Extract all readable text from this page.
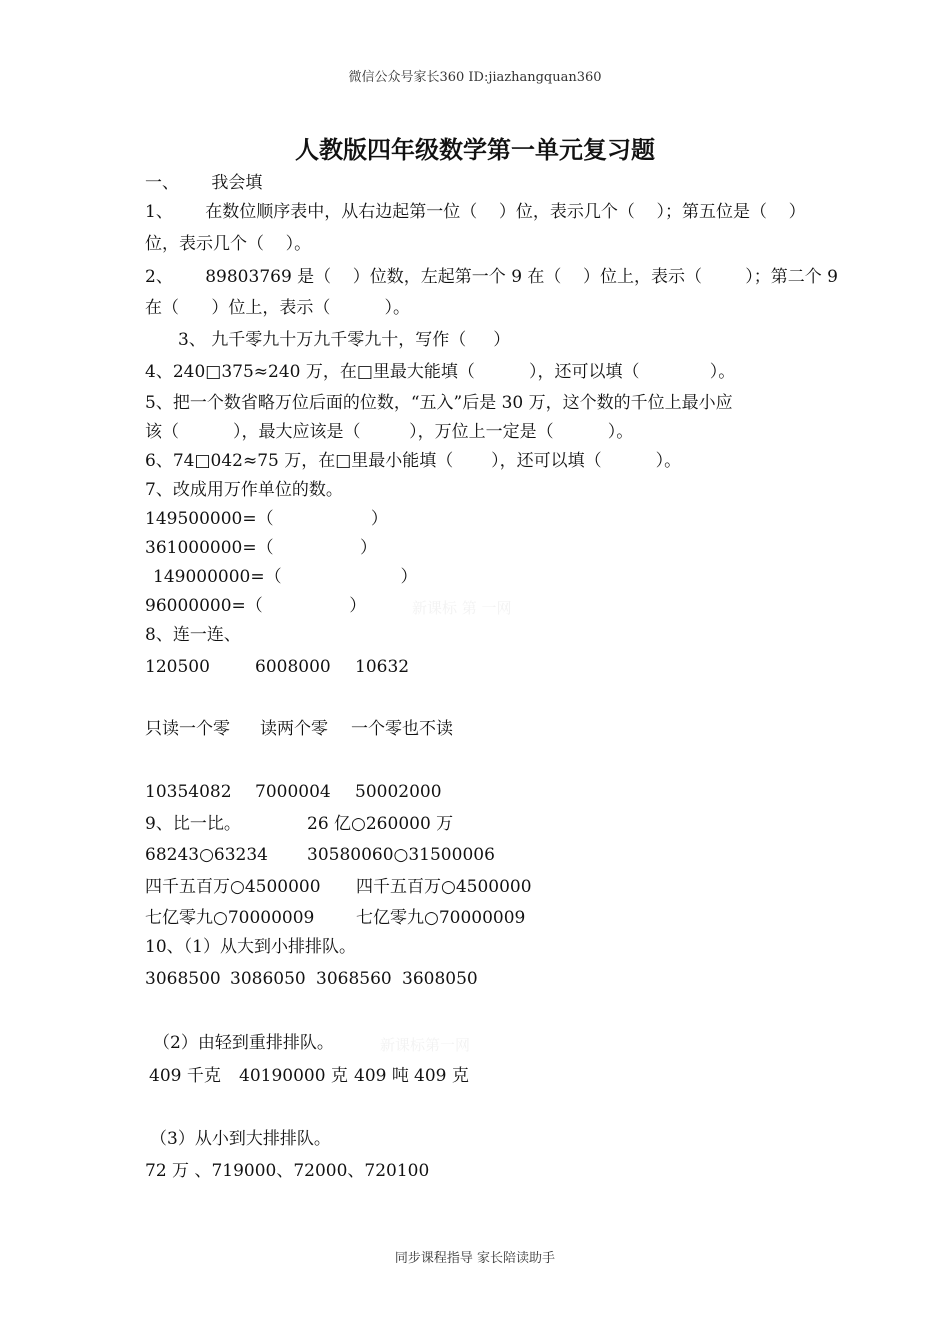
微信公众号家长360 ID:jiazhangquan360
人教版四年级数学第一单元复习题
一、      我会填
1、      在数位顺序表中，从右边起第一位（    ）位，表示几个（    ）；第五位是（    ）
位，表示几个（    ）。
2、      89803769 是（    ）位数，左起第一个 9 在（    ）位上，表示（        ）；第二个 9
在（      ）位上，表示（          ）。
3、 九千零九十万九千零九十，写作（     ）
4、240□375≈240 万，在□里最大能填（          ），还可以填（             ）。
5、把一个数省略万位后面的位数，“五入”后是 30 万，这个数的千位上最小应
该（          ），最大应该是（         ），万位上一定是（          ）。
6、74□042≈75 万，在□里最小能填（       ），还可以填（          ）。
7、改成用万作单位的数。
149500000=（                  ）
361000000=（                ）
149000000=（                      ）
96000000=（                ）	新课标 第 一网
8、连一连、
120500	6008000 10632
只读一个零 读两个零 一个零也不读
10354082 7000004 50002000
9、比一比。	26 亿○260000 万
68243○63234 30580060○31500006
四千五百万○4500000 四千五百万○4500000
七亿零九○70000009 七亿零九○70000009
10、（1）从大到小排排队。
3068500 3086050 3068560 3608050
（2）由轻到重排排队。	新课标第一网
409 千克 40190000 克 409 吨 409 克
（3）从小到大排排队。
72 万 、719000、72000、720100
同步课程指导 家长陪读助手
